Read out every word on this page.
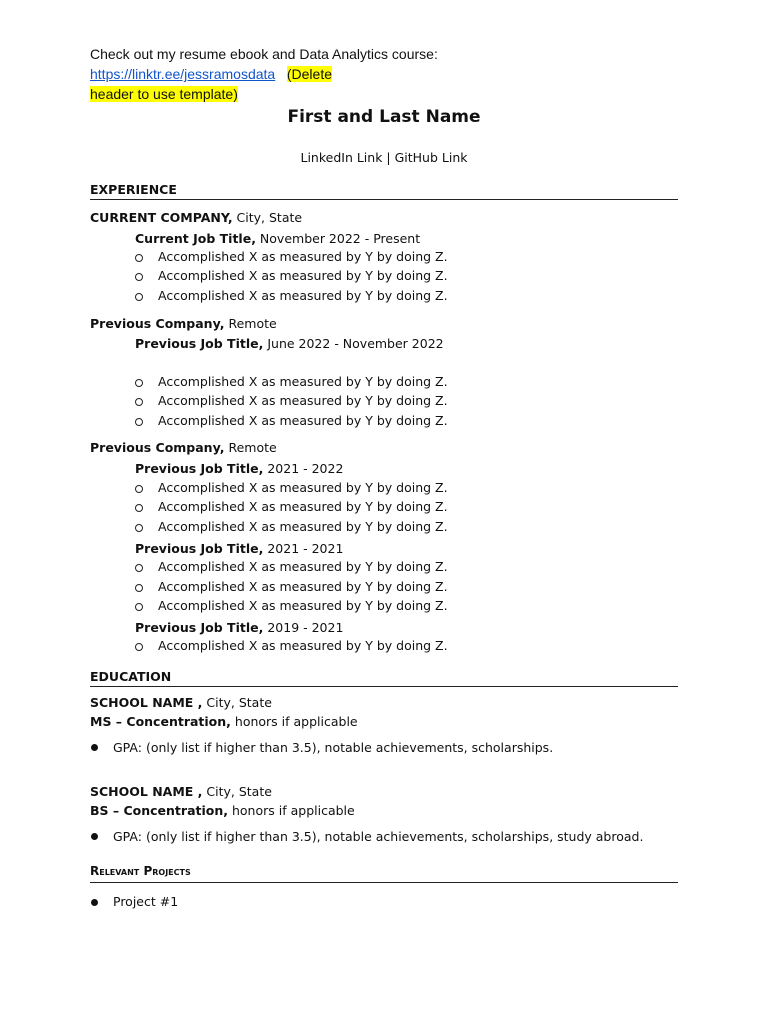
Check out my resume ebook and Data Analytics course: https://linktr.ee/jessramosdata (Delete
header to use template)
First and Last Name
LinkedIn Link | GitHub Link
EXPERIENCE
CURRENT COMPANY, City, State
Current Job Title, November 2022 - Present
Accomplished X as measured by Y by doing Z.
Accomplished X as measured by Y by doing Z.
Accomplished X as measured by Y by doing Z.
Previous Company, Remote
Previous Job Title, June 2022 - November 2022
Accomplished X as measured by Y by doing Z.
Accomplished X as measured by Y by doing Z.
Accomplished X as measured by Y by doing Z.
Previous Company, Remote
Previous Job Title, 2021 - 2022
Accomplished X as measured by Y by doing Z.
Accomplished X as measured by Y by doing Z.
Accomplished X as measured by Y by doing Z.
Previous Job Title, 2021 - 2021
Accomplished X as measured by Y by doing Z.
Accomplished X as measured by Y by doing Z.
Accomplished X as measured by Y by doing Z.
Previous Job Title, 2019 - 2021
Accomplished X as measured by Y by doing Z.
EDUCATION
SCHOOL NAME , City, State
MS – Concentration, honors if applicable
GPA: (only list if higher than 3.5), notable achievements, scholarships.
SCHOOL NAME , City, State
BS – Concentration, honors if applicable
GPA: (only list if higher than 3.5), notable achievements, scholarships, study abroad.
Relevant Projects
Project #1
